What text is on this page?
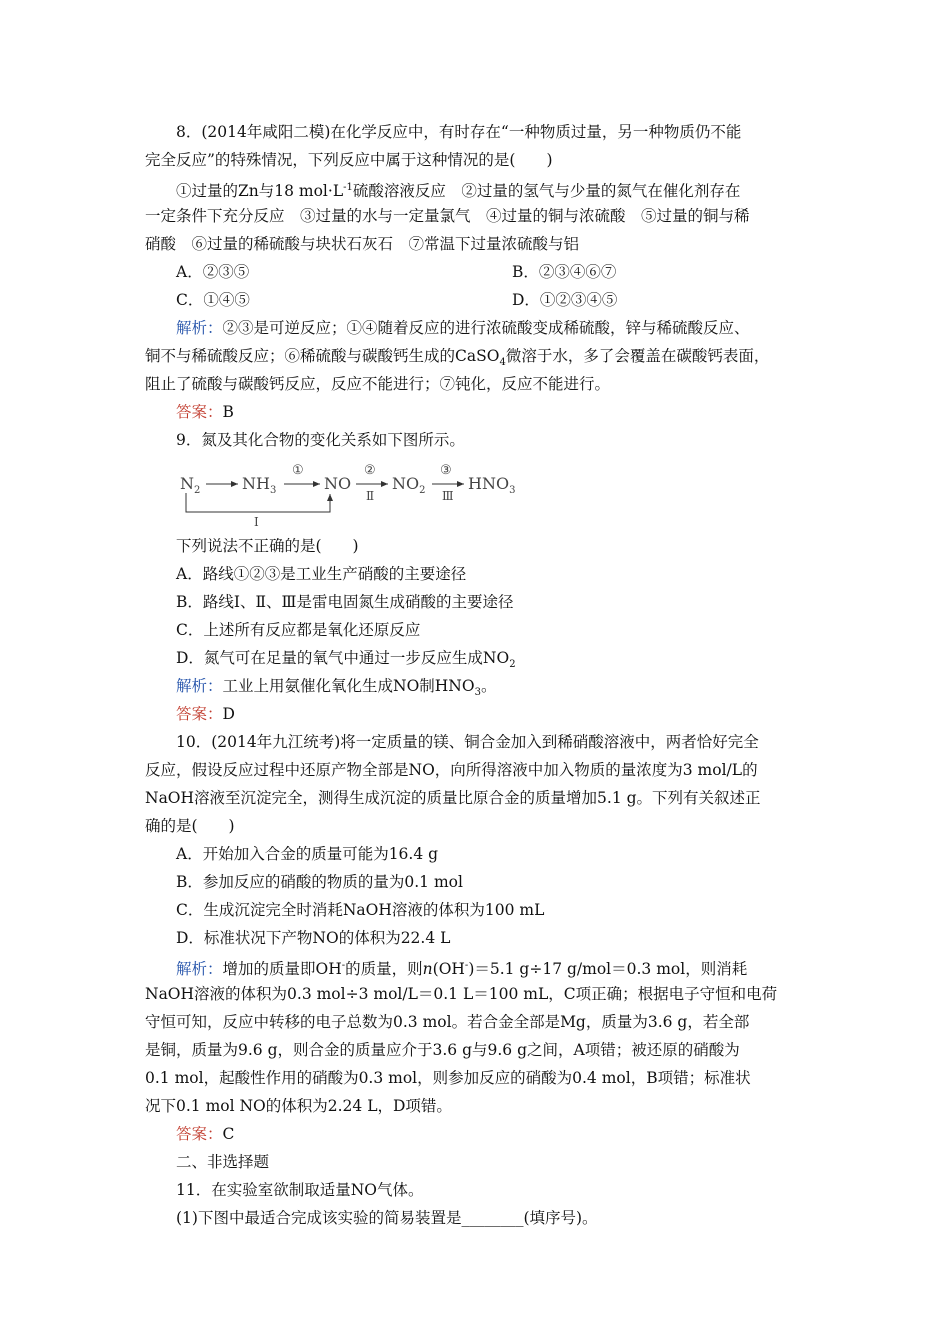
8．(2014年咸阳二模)在化学反应中，有时存在“一种物质过量，另一种物质仍不能
完全反应”的特殊情况，下列反应中属于这种情况的是(　　)
①过量的Zn与18 $mol\cdot L^{-1}$硫酸溶液反应　②过量的氢气与少量的氮气在催化剂存在
一定条件下充分反应　③过量的水与一定量氯气　④过量的铜与浓硫酸　⑤过量的铜与稀
硝酸　⑥过量的稀硫酸与块状石灰石　⑦常温下过量浓硫酸与铝
A．②③⑤	B．②③④⑥⑦
C．①④⑤	D．①②③④⑤
解析：②③是可逆反应；①④随着反应的进行浓硫酸变成稀硫酸，锌与稀硫酸反应、
铜不与稀硫酸反应；⑥稀硫酸与碳酸钙生成的CaSO$_4$微溶于水，多了会覆盖在碳酸钙表面，
阻止了硫酸与碳酸钙反应，反应不能进行；⑦钝化，反应不能进行。
答案：B
9．氮及其化合物的变化关系如下图所示。
$N_2$	$NH_3$
①
NO
②
Ⅱ
$NO_2$
③
Ⅲ
$HNO_3$
Ⅰ
下列说法不正确的是(　　)
A．路线①②③是工业生产硝酸的主要途径
B．路线Ⅰ、Ⅱ、Ⅲ是雷电固氮生成硝酸的主要途径
C．上述所有反应都是氧化还原反应
D．氮气可在足量的氧气中通过一步反应生成$NO_2$
解析：工业上用氨催化氧化生成NO制$HNO_3$。
答案：D
10．(2014年九江统考)将一定质量的镁、铜合金加入到稀硝酸溶液中，两者恰好完全
反应，假设反应过程中还原产物全部是NO，向所得溶液中加入物质的量浓度为3 mol/L的
NaOH溶液至沉淀完全，测得生成沉淀的质量比原合金的质量增加5.1 g。下列有关叙述正
确的是(　　)
A．开始加入合金的质量可能为16.4 g
B．参加反应的硝酸的物质的量为0.1 mol
C．生成沉淀完全时消耗NaOH溶液的体积为100 mL
D．标准状况下产物NO的体积为22.4 L
解析：增加的质量即OH-的质量，则n(OH-)＝5.1 g÷17 g/mol＝0.3 mol，则消耗
NaOH溶液的体积为0.3 mol÷3 mol/L＝0.1 L＝100 mL，C项正确；根据电子守恒和电荷
守恒可知，反应中转移的电子总数为0.3 mol。若合金全部是Mg，质量为3.6 g，若全部
是铜，质量为9.6 g，则合金的质量应介于3.6 g与9.6 g之间，A项错；被还原的硝酸为
0.1 mol，起酸性作用的硝酸为0.3 mol，则参加反应的硝酸为0.4 mol，B项错；标准状
况下0.1 mol NO的体积为2.24 L，D项错。
答案：C
二、非选择题
11．在实验室欲制取适量NO气体。
(1)下图中最适合完成该实验的简易装置是________(填序号)。
